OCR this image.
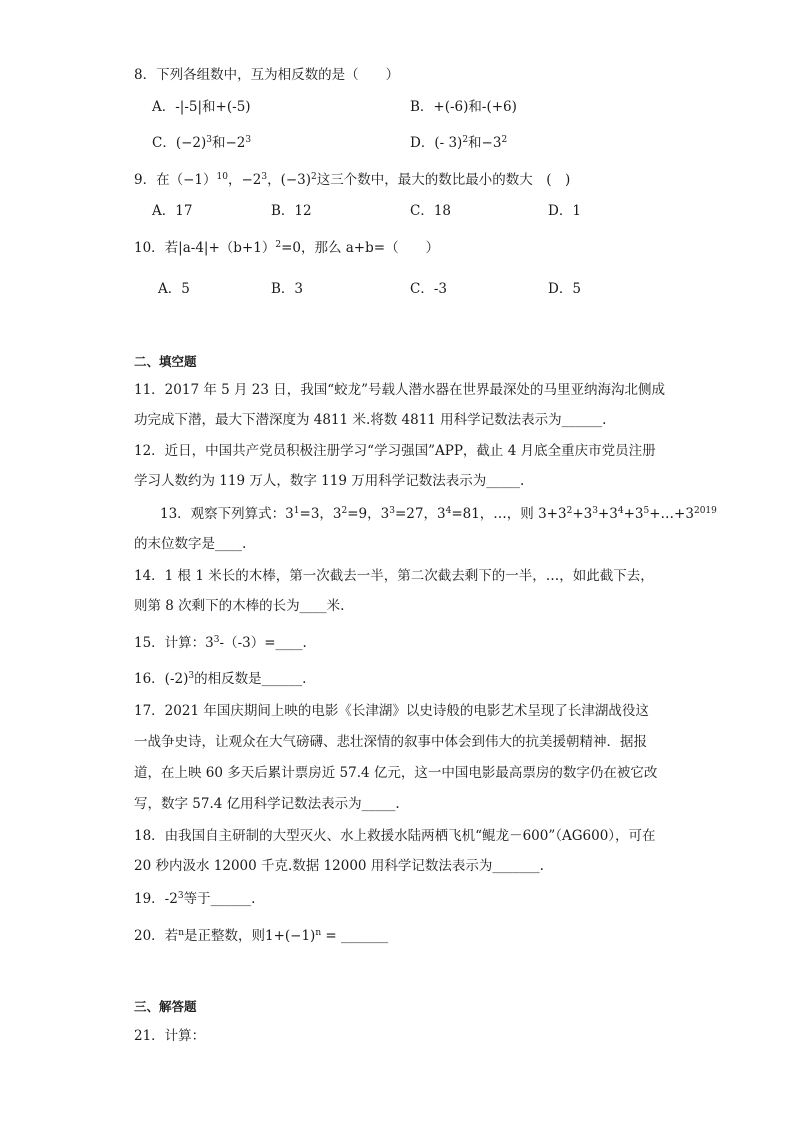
8．下列各组数中，互为相反数的是（　　）
A．-|-5|和+(-5)	B．+(-6)和-(+6)
C．$(-2)^3$和$-2^3$	D．(- 3)$^2$和$-3^2$
9．在$(-1)^{10}$，$-2^3$，$(-3)^2$这三个数中，最大的数比最小的数大　(　)
A．17	B．12	C．18	D．1
10．若$|a-4|+(b+1)^2=0$，那么 a+b=（　　）
A．5	B．3	C．-3	D．5
二、填空题
11．2017 年 5 月 23 日，我国“蛟龙”号载人潜水器在世界最深处的马里亚纳海沟北侧成
功完成下潜，最大下潜深度为 4811 米.将数 4811 用科学记数法表示为______.
12．近日，中国共产党员积极注册学习“学习强国”APP，截止 4 月底全重庆市党员注册
学习人数约为 119 万人，数字 119 万用科学记数法表示为_____.
13．观察下列算式：$3^1=3$，$3^2=9$，$3^3=27$，$3^4=81$，…，则 $3+3^2+3^3+3^4+3^5+\dots+3^{2019}$
的末位数字是____.
14．1 根 1 米长的木棒，第一次截去一半，第二次截去剩下的一半，…，如此截下去，
则第 8 次剩下的木棒的长为____米.
15．计算：$3^3-(-3)=\_\_\_\_$.
16．$(-2)^3$的相反数是______.
17．2021 年国庆期间上映的电影《长津湖》以史诗般的电影艺术呈现了长津湖战役这
一战争史诗，让观众在大气磅礴、悲壮深情的叙事中体会到伟大的抗美援朝精神．据报
道，在上映 60 多天后累计票房近 57.4 亿元，这一中国电影最高票房的数字仍在被它改
写，数字 57.4 亿用科学记数法表示为_____.
18．由我国自主研制的大型灭火、水上救援水陆两栖飞机“鲲龙－600”（AG600），可在
20 秒内汲水 12000 千克.数据 12000 用科学记数法表示为_______.
19．$-2^3$等于______.
20．若$^n$是正整数，则$1+(-1)^n$ = _______
三、解答题
21．计算：
